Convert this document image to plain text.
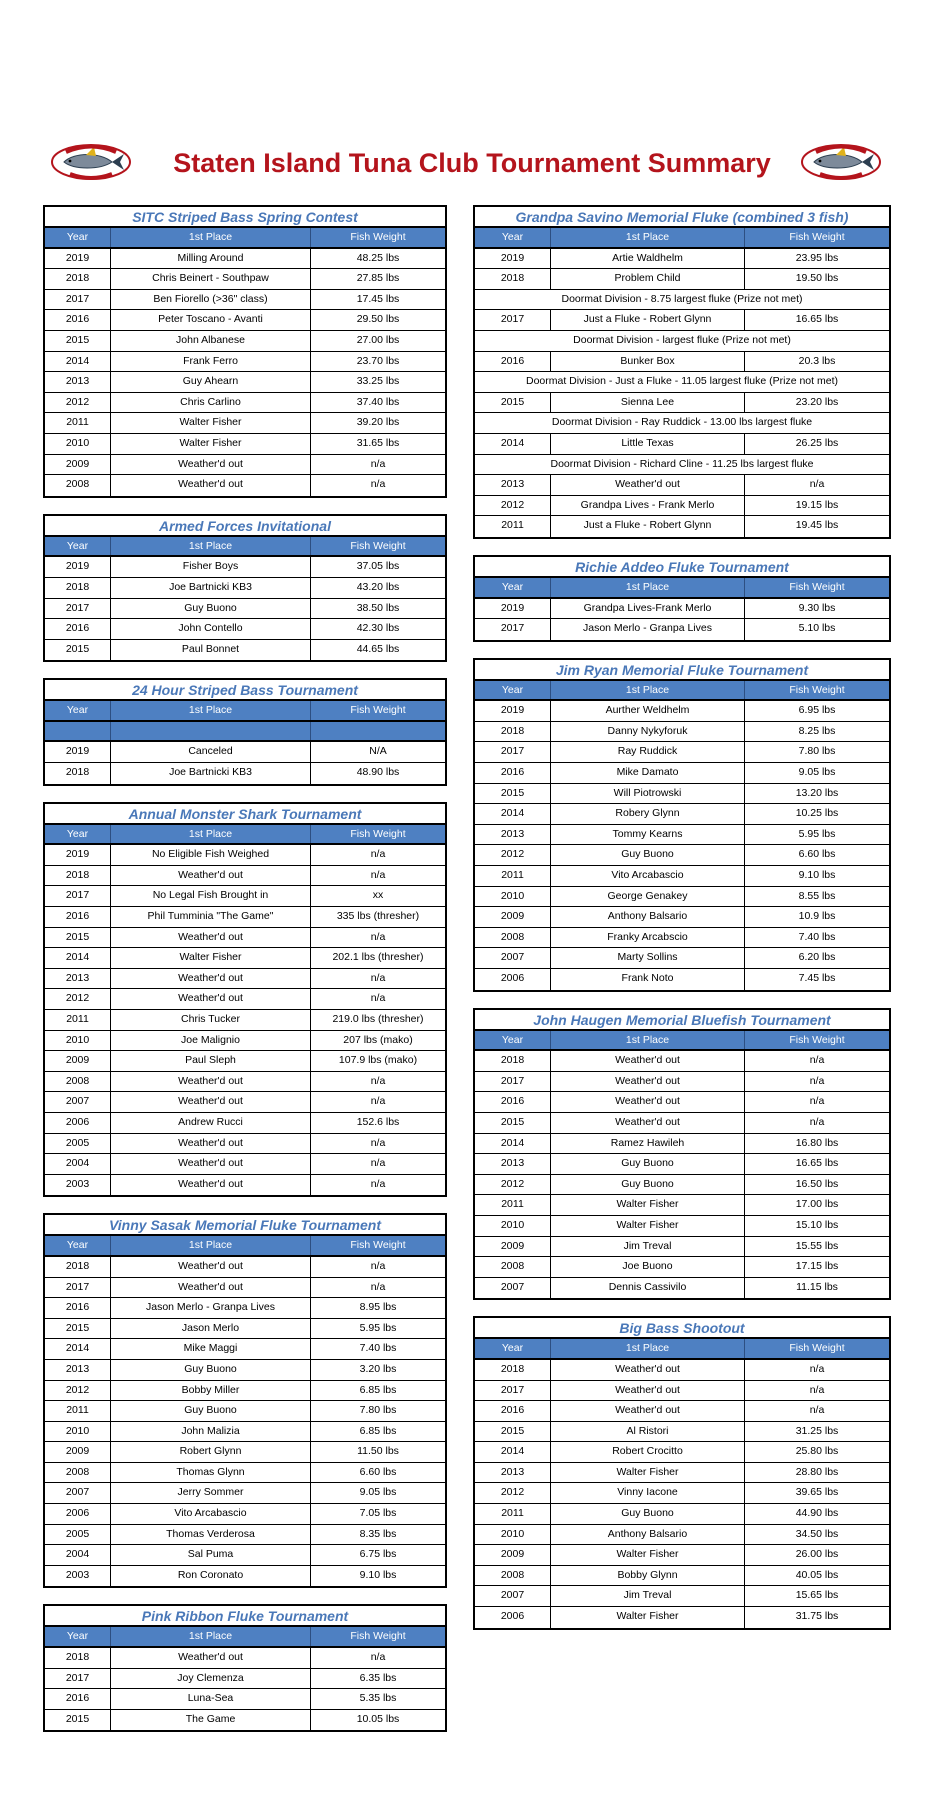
Staten Island Tuna Club Tournament Summary
SITC Striped Bass Spring Contest
Year	1st Place	Fish Weight
2019	Milling Around	48.25 lbs
2018	Chris Beinert - Southpaw	27.85 lbs
2017	Ben Fiorello (>36" class)	17.45 lbs
2016	Peter Toscano - Avanti	29.50 lbs
2015	John Albanese	27.00 lbs
2014	Frank Ferro	23.70 lbs
2013	Guy Ahearn	33.25 lbs
2012	Chris Carlino	37.40 lbs
2011	Walter Fisher	39.20 lbs
2010	Walter Fisher	31.65 lbs
2009	Weather'd out	n/a
2008	Weather'd out	n/a
Armed Forces Invitational
Year	1st Place	Fish Weight
2019	Fisher Boys	37.05 lbs
2018	Joe Bartnicki KB3	43.20 lbs
2017	Guy Buono	38.50 lbs
2016	John Contello	42.30 lbs
2015	Paul Bonnet	44.65 lbs
24 Hour Striped Bass Tournament
Year	1st Place	Fish Weight
2019	Canceled	N/A
2018	Joe Bartnicki KB3	48.90 lbs
Annual Monster Shark Tournament
Year	1st Place	Fish Weight
2019	No Eligible Fish Weighed	n/a
2018	Weather'd out	n/a
2017	No Legal Fish Brought in	xx
2016	Phil Tumminia "The Game"	335 lbs (thresher)
2015	Weather'd out	n/a
2014	Walter Fisher	202.1 lbs (thresher)
2013	Weather'd out	n/a
2012	Weather'd out	n/a
2011	Chris Tucker	219.0 lbs (thresher)
2010	Joe Malignio	207 lbs (mako)
2009	Paul Sleph	107.9 lbs (mako)
2008	Weather'd out	n/a
2007	Weather'd out	n/a
2006	Andrew Rucci	152.6 lbs
2005	Weather'd out	n/a
2004	Weather'd out	n/a
2003	Weather'd out	n/a
Vinny Sasak Memorial Fluke Tournament
Year	1st Place	Fish Weight
2018	Weather'd out	n/a
2017	Weather'd out	n/a
2016	Jason Merlo - Granpa Lives	8.95 lbs
2015	Jason Merlo	5.95 lbs
2014	Mike Maggi	7.40 lbs
2013	Guy Buono	3.20 lbs
2012	Bobby Miller	6.85 lbs
2011	Guy Buono	7.80 lbs
2010	John Malizia	6.85 lbs
2009	Robert Glynn	11.50 lbs
2008	Thomas Glynn	6.60 lbs
2007	Jerry Sommer	9.05 lbs
2006	Vito Arcabascio	7.05 lbs
2005	Thomas Verderosa	8.35 lbs
2004	Sal Puma	6.75 lbs
2003	Ron Coronato	9.10 lbs
Pink Ribbon Fluke Tournament
Year	1st Place	Fish Weight
2018	Weather'd out	n/a
2017	Joy Clemenza	6.35 lbs
2016	Luna-Sea	5.35 lbs
2015	The Game	10.05 lbs
Grandpa Savino Memorial Fluke (combined 3 fish)
Year	1st Place	Fish Weight
2019	Artie Waldhelm	23.95 lbs
2018	Problem Child	19.50 lbs
Doormat Division - 8.75 largest fluke (Prize not met)
2017	Just a Fluke - Robert Glynn	16.65 lbs
Doormat Division - largest fluke (Prize not met)
2016	Bunker Box	20.3 lbs
Doormat Division - Just a Fluke - 11.05 largest fluke (Prize not met)
2015	Sienna Lee	23.20 lbs
Doormat Division - Ray Ruddick - 13.00 lbs largest fluke
2014	Little Texas	26.25 lbs
Doormat Division - Richard Cline - 11.25 lbs largest fluke
2013	Weather'd out	n/a
2012	Grandpa Lives - Frank Merlo	19.15 lbs
2011	Just a Fluke - Robert Glynn	19.45 lbs
Richie Addeo Fluke Tournament
Year	1st Place	Fish Weight
2019	Grandpa Lives-Frank Merlo	9.30 lbs
2017	Jason Merlo - Granpa Lives	5.10 lbs
Jim Ryan Memorial Fluke Tournament
Year	1st Place	Fish Weight
2019	Aurther Weldhelm	6.95 lbs
2018	Danny Nykyforuk	8.25 lbs
2017	Ray Ruddick	7.80 lbs
2016	Mike Damato	9.05 lbs
2015	Will Piotrowski	13.20 lbs
2014	Robery Glynn	10.25 lbs
2013	Tommy Kearns	5.95 lbs
2012	Guy Buono	6.60 lbs
2011	Vito Arcabascio	9.10 lbs
2010	George Genakey	8.55 lbs
2009	Anthony Balsario	10.9 lbs
2008	Franky Arcabscio	7.40 lbs
2007	Marty Sollins	6.20 lbs
2006	Frank Noto	7.45 lbs
John Haugen Memorial Bluefish Tournament
Year	1st Place	Fish Weight
2018	Weather'd out	n/a
2017	Weather'd out	n/a
2016	Weather'd out	n/a
2015	Weather'd out	n/a
2014	Ramez Hawileh	16.80 lbs
2013	Guy Buono	16.65 lbs
2012	Guy Buono	16.50 lbs
2011	Walter Fisher	17.00 lbs
2010	Walter Fisher	15.10 lbs
2009	Jim Treval	15.55 lbs
2008	Joe Buono	17.15 lbs
2007	Dennis Cassivilo	11.15 lbs
Big Bass Shootout
Year	1st Place	Fish Weight
2018	Weather'd out	n/a
2017	Weather'd out	n/a
2016	Weather'd out	n/a
2015	Al Ristori	31.25 lbs
2014	Robert Crocitto	25.80 lbs
2013	Walter Fisher	28.80 lbs
2012	Vinny Iacone	39.65 lbs
2011	Guy Buono	44.90 lbs
2010	Anthony Balsario	34.50 lbs
2009	Walter Fisher	26.00 lbs
2008	Bobby Glynn	40.05 lbs
2007	Jim Treval	15.65 lbs
2006	Walter Fisher	31.75 lbs
